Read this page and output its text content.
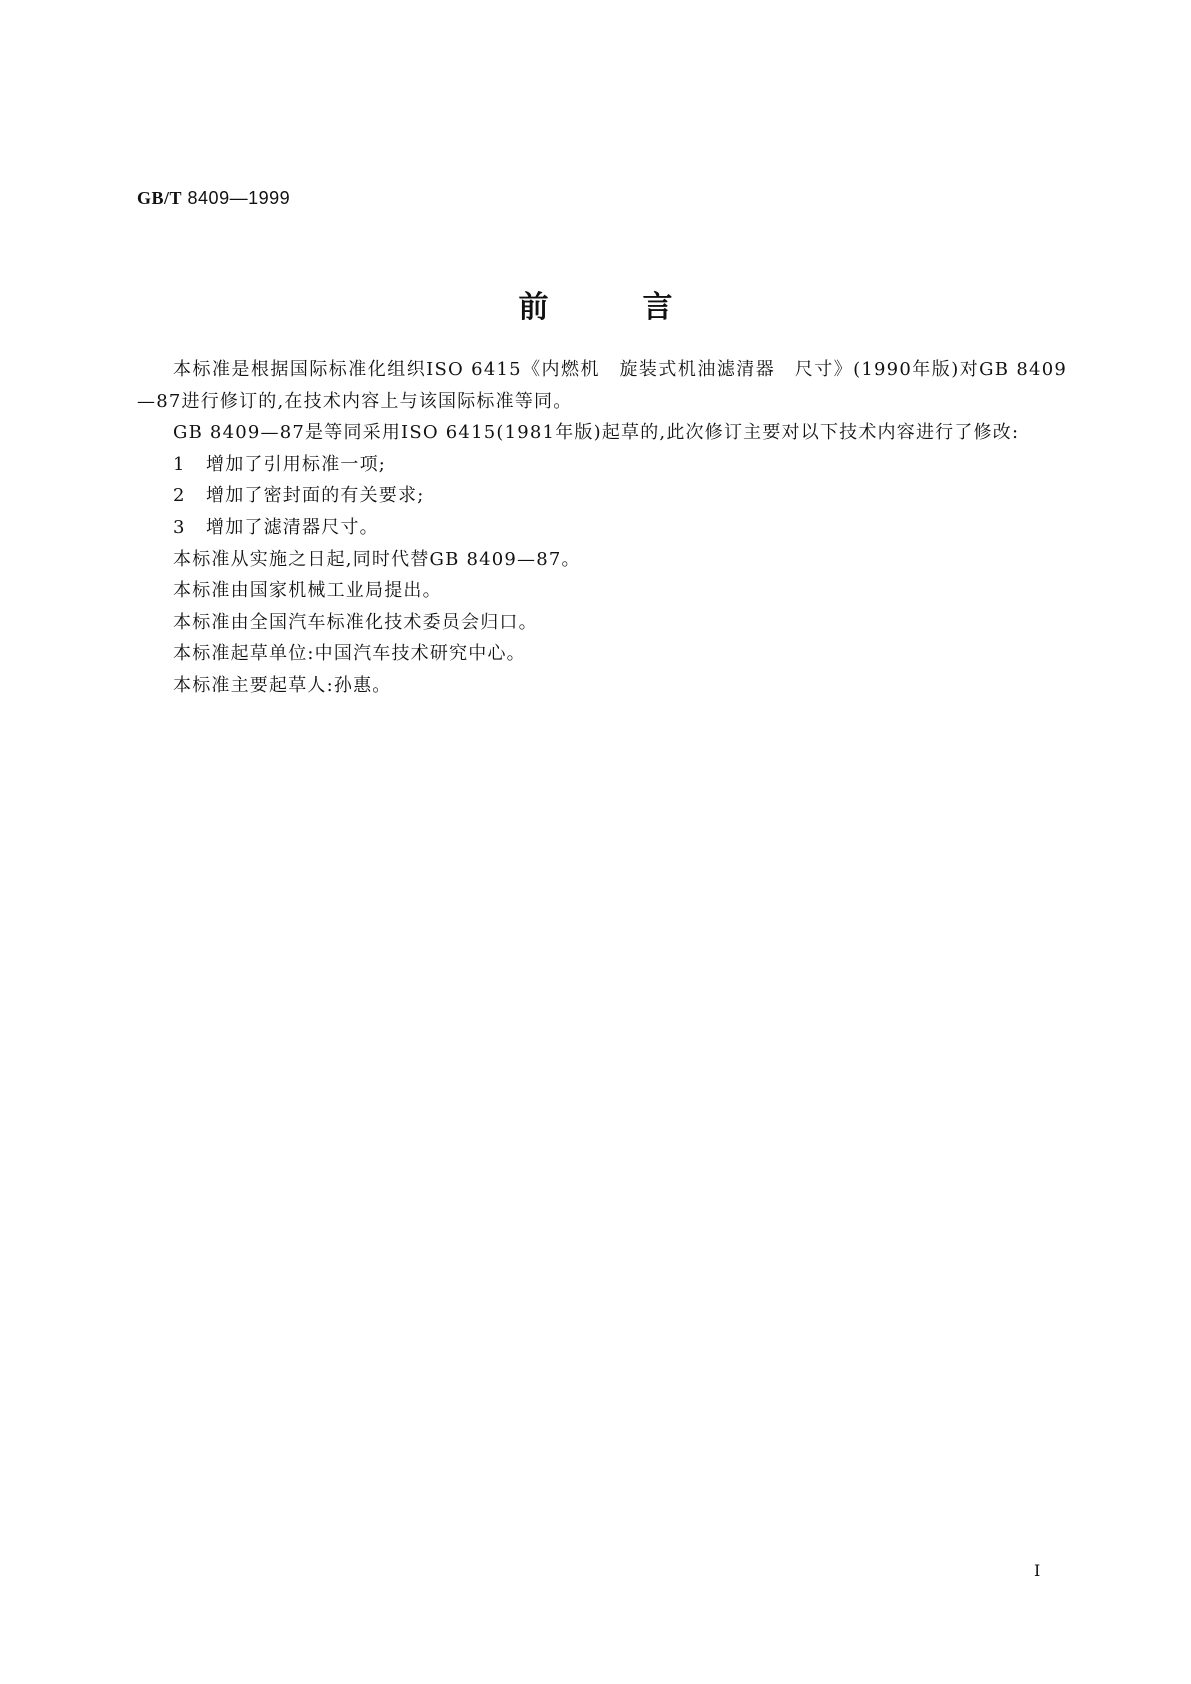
GB/T 8409—1999
前	言

本标准是根据国际标准化组织ISO 6415《内燃机　旋装式机油滤清器　尺寸》(1990年版)对GB 8409—87进行修订的,在技术内容上与该国际标准等同。

GB 8409—87是等同采用ISO 6415(1981年版)起草的,此次修订主要对以下技术内容进行了修改:

1 增加了引用标准一项;

2 增加了密封面的有关要求;

3 增加了滤清器尺寸。

本标准从实施之日起,同时代替GB 8409—87。

本标准由国家机械工业局提出。

本标准由全国汽车标准化技术委员会归口。

本标准起草单位:中国汽车技术研究中心。

本标准主要起草人:孙惠。

Ⅰ
